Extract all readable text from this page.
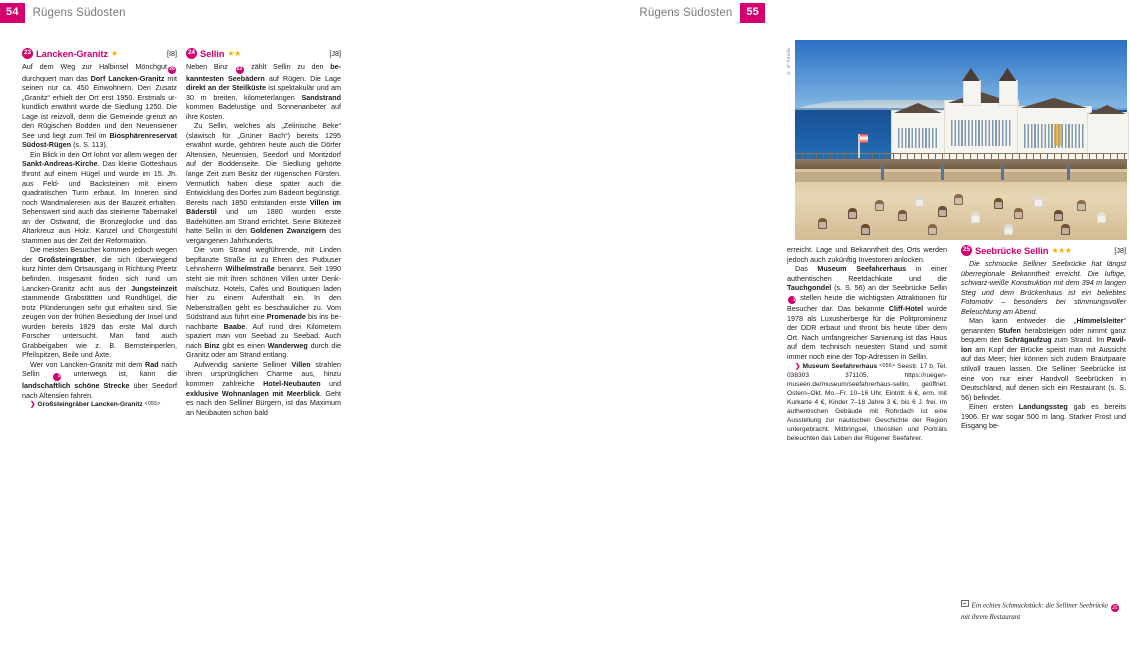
54	Rügens Südosten	Rügens Südosten	55
23 Lancken-Granitz ★	[I8]

Auf dem Weg zur Halbinsel Mönchgut 26 durchquert man das Dorf Lancken-Granitz mit seinen nur ca. 450 Einwohnern. Den Zusatz „Granitz“ erhielt der Ort erst 1950. Erstmals urkundlich erwähnt wurde die Siedlung 1250. Die Lage ist reizvoll, denn die Gemeinde grenzt an den Rügischen Bodden und den Neuensiener See und liegt zum Teil im Biosphärenreservat Südost-Rügen (s. S. 113).

Ein Blick in den Ort lohnt vor allem wegen der Sankt-Andreas-Kirche. Das kleine Gotteshaus thront auf einem Hügel und wurde im 15. Jh. aus Feld- und Backsteinen mit einem quadratischen Turm erbaut. Im Inneren sind noch Wandmalereien aus der Bauzeit erhalten. Sehenswert sind auch das steinerne Tabernakel an der Ostwand, die Bronzeglocke und das Altarkreuz aus Holz. Kanzel und Chorgestühl stammen aus der Zeit der Reformation.

Die meisten Besucher kommen jedoch wegen der Großsteingräber, die sich überwiegend kurz hinter dem Ortsausgang in Richtung Preetz befinden. Insgesamt finden sich rund um Lancken-Granitz acht aus der Jungsteinzeit stammende Grabstätten und Rundhügel, die trotz Plünderungen sehr gut erhalten sind. Sie zeugen von der frühen Besiedlung der Insel und wurden bereits 1829 das erste Mal durch Forscher untersucht. Man fand auch Grabbeigaben wie z. B. Bernsteinperlen, Pfeilspitzen, Beile und Äxte.

Wer von Lancken-Granitz mit dem Rad nach Sellin 24 unterwegs ist, kann die landschaftlich schöne Strecke über Seedorf nach Altensien fahren.

❯ Großsteingräber Lancken-Granitz <055>

24 Sellin ★★	[J8]

Neben Binz 22 zählt Sellin zu den bekanntesten Seebädern auf Rügen. Die Lage direkt an der Steilküste ist spektakulär und am 30 m breiten, kilometerlangen Sandstrand kommen Badelustige und Sonnenanbeter auf ihre Kosten.

Zu Sellin, welches als „Zelinische Beke“ (slawisch für „Grüner Bach“) bereits 1295 erwähnt wurde, gehören heute auch die Dörfer Altensien, Neuensien, Seedorf und Moritzdorf auf der Boddenseite. Die Siedlung gehörte lange Zeit zum Besitz der rügenschen Fürsten. Vermutlich haben diese später auch die Entwicklung des Dorfes zum Badeort begünstigt. Bereits nach 1850 entstanden erste Villen im Bäderstil und um 1880 wurden erste Badehütten am Strand errichtet. Seine Blütezeit hatte Sellin in den Goldenen Zwanzigern des vergangenen Jahrhunderts.

Die vom Strand wegführende, mit Linden bepflanzte Straße ist zu Ehren des Putbuser Lehnsherrn Wilhelmstraße benannt. Seit 1990 steht sie mit ihren schönen Villen unter Denkmalschutz. Hotels, Cafés und Boutiquen laden hier zu einem Aufenthalt ein. In den Nebenstraßen geht es beschaulicher zu. Vom Südstrand aus führt eine Promenade bis ins benachbarte Baabe. Auf rund drei Kilometern spaziert man von Seebad zu Seebad. Auch nach Binz gibt es einen Wanderweg durch die Granitz oder am Strand entlang.

Aufwendig sanierte Selliner Villen strahlen ihren ursprünglichen Charme aus, hinzu kommen zahlreiche Hotel-Neubauten und exklusive Wohnanlagen mit Meerblick. Geht es nach den Selliner Bürgern, ist das Maximum an Neubauten schon bald

© sf-fotolia

erreicht. Lage und Bekanntheit des Orts werden jedoch auch zukünftig Investoren anlocken.

Das Museum Seefahrerhaus in einer authentischen Reetdachkate und die Tauchgondel (s. S. 56) an der Seebrücke Sellin 25 stellen heute die wichtigsten Attraktionen für Besucher dar. Das bekannte Cliff-Hotel wurde 1978 als Luxusherberge für die Politprominenz der DDR erbaut und thront bis heute über dem Ort. Nach umfangreicher Sanierung ist das Haus auf dem technisch neuesten Stand und somit immer noch eine der Top-Adressen in Sellin.

❯ Museum Seefahrerhaus <056> Seestr. 17 b, Tel. 038303 371105, https://ruegen-museen.de/museum/seefahrerhaus-sellin, geöffnet: Ostern–Okt. Mo.–Fr. 10–16 Uhr, Eintritt: 6 €, erm. mit Kurkarte 4 €, Kinder 7–18 Jahre 3 €, bis 6 J. frei. Im authentischen Gebäude mit Rohrdach ist eine Ausstellung zur nautischen Geschichte der Region untergebracht. Mitbringsel, Utensilien und Porträts beleuchten das Leben der Rügener Seefahrer.

25 Seebrücke Sellin ★★★	[J8]

Die schmucke Selliner Seebrücke hat längst überregionale Bekanntheit erreicht. Die luftige, schwarz-weiße Konstruktion mit dem 394 m langen Steg und dem Brückenhaus ist ein beliebtes Fotomotiv – besonders bei stimmungsvoller Beleuchtung am Abend.

Man kann entweder die „Himmelsleiter“ genannten Stufen herabsteigen oder nimmt ganz bequem den Schrägaufzug zum Strand. Im Pavillon am Kopf der Brücke speist man mit Aussicht auf das Meer; hier können sich zudem Brautpaare stilvoll trauen lassen. Die Selliner Seebrücke ist eine von nur einer Handvoll Seebrücken in Deutschland, auf denen sich ein Restaurant (s. S. 56) befindet.

Einen ersten Landungssteg gab es bereits 1906. Er war sogar 500 m lang. Starker Frost und Eisgang be-

Ein echtes Schmuckstück: die Selliner Seebrücke 25 mit ihrem Restaurant
